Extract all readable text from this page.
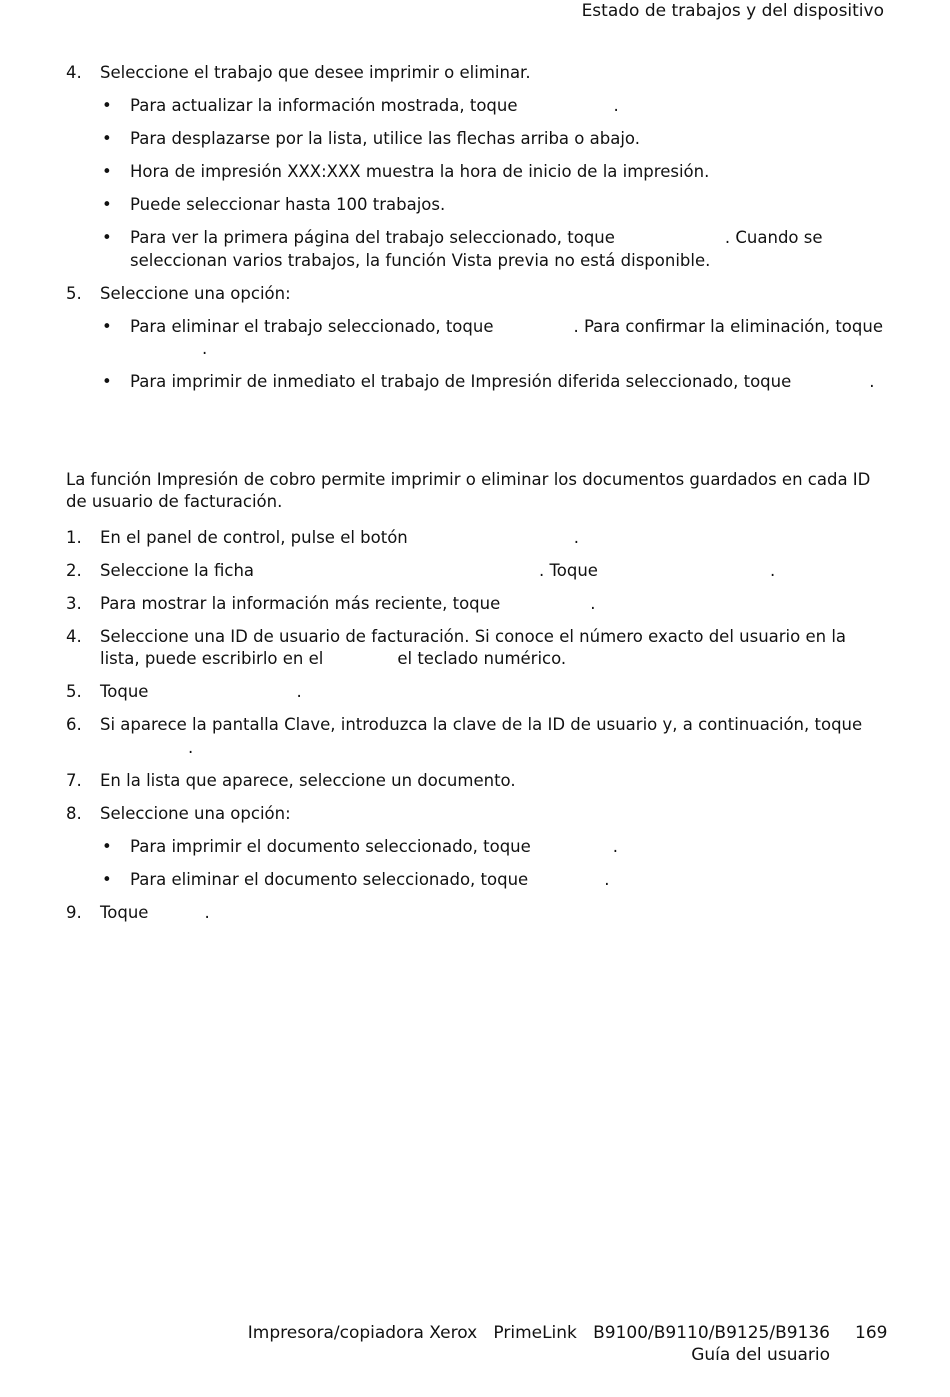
Estado de trabajos y del dispositivo
4. Seleccione el trabajo que desee imprimir o eliminar.
• Para actualizar la información mostrada, toque	.
• Para desplazarse por la lista, utilice las flechas arriba o abajo.
• Hora de impresión XXX:XXX muestra la hora de inicio de la impresión.
• Puede seleccionar hasta 100 trabajos.
• Para ver la primera página del trabajo seleccionado, toque	. Cuando se seleccionan varios trabajos, la función Vista previa no está disponible.
5. Seleccione una opción:
• Para eliminar el trabajo seleccionado, toque	. Para confirmar la eliminación, toque
.
• Para imprimir de inmediato el trabajo de Impresión diferida seleccionado, toque	.
La función Impresión de cobro permite imprimir o eliminar los documentos guardados en cada ID de usuario de facturación.
1. En el panel de control, pulse el botón	.
2. Seleccione la ficha	. Toque	.
3. Para mostrar la información más reciente, toque	.
4. Seleccione una ID de usuario de facturación. Si conoce el número exacto del usuario en la lista, puede escribirlo en el	el teclado numérico.
5. Toque	.
6. Si aparece la pantalla Clave, introduzca la clave de la ID de usuario y, a continuación, toque
.
7. En la lista que aparece, seleccione un documento.
8. Seleccione una opción:
• Para imprimir el documento seleccionado, toque	.
• Para eliminar el documento seleccionado, toque	.
9. Toque	.
Impresora/copiadora Xerox   PrimeLink   B9100/B9110/B9125/B9136
Guía del usuario
169
